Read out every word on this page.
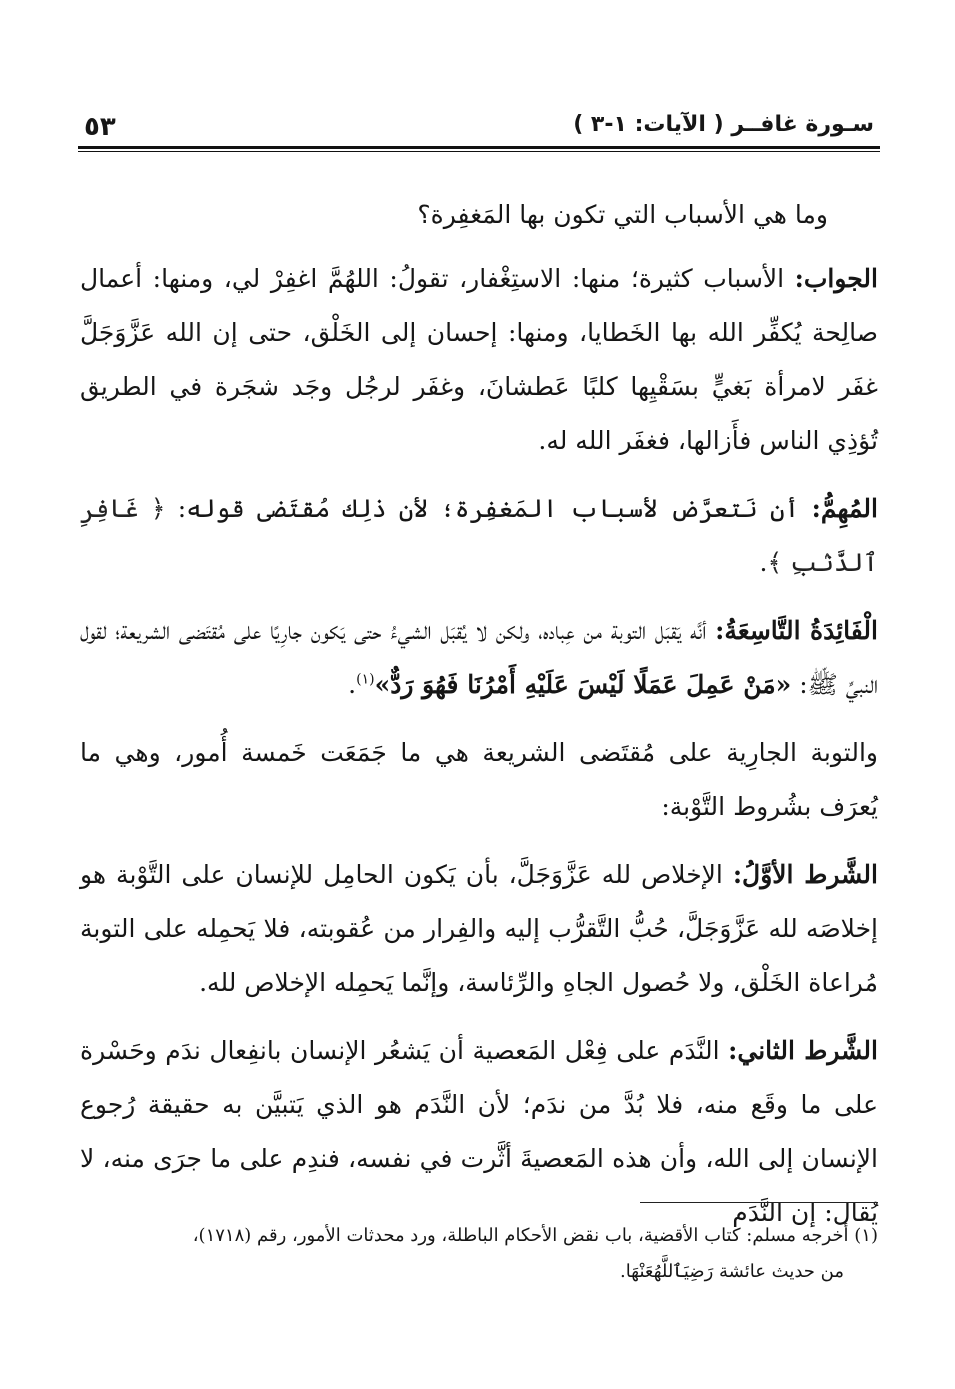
٥٣	سـورة غافــر ( الآيات: ١-٣ )

وما هي الأسباب التي تكون بها المَغفِرة؟

الجواب: الأسباب كثيرة؛ منها: الاستِغْفار، تقولُ: اللهُمَّ اغفِرْ لي، ومنها: أعمال صالِحة يُكفِّر الله بها الخَطايا، ومنها: إحسان إلى الخَلْق، حتى إن الله عَزَّوَجَلَّ غفَر لامرأة بَغيٍّ بسَقْيِها كلبًا عَطشانَ، وغفَر لرجُل وجَد شجَرة في الطريق تُؤذِي الناس فأَزالها، فغفَر الله له.

المُهِمُّ: أن نَتعرَّض لأسباب المَغفِرة؛ لأن ذلِك مُقتَضى قوله: ﴿ غَافِرِ ٱلذَّنۢبِ ﴾.

الْفَائِدَةُ التَّاسِعَةُ: أنَّه يَقبَل التوبة من عِباده، ولكن لا يُقبَل الشيءُ حتى يَكون جارِيًا على مُقتَضى الشريعة؛ لقول النبيِّ ﷺ: «مَنْ عَمِلَ عَمَلًا لَيْسَ عَلَيْهِ أَمْرُنَا فَهُوَ رَدٌّ»$^{(١)}$.

والتوبة الجارِية على مُقتَضى الشريعة هي ما جَمَعَت خَمسة أُمور، وهي ما يُعرَف بشُروط التَّوْبة:

الشَّرط الأوَّلُ: الإخلاص لله عَزَّوَجَلَّ، بأن يَكون الحامِل للإنسان على التَّوْبة هو إخلاصَه لله عَزَّوَجَلَّ، حُبُّ التَّقرُّب إليه والفِرار من عُقوبته، فلا يَحمِله على التوبة مُراعاة الخَلْق، ولا حُصول الجاهِ والرِّئاسة، وإنَّما يَحمِله الإخلاص لله.

الشَّرط الثاني: النَّدَم على فِعْل المَعصية أن يَشعُر الإنسان بانفِعال ندَم وحَسْرة على ما وقَع منه، فلا بُدَّ من ندَم؛ لأن النَّدَم هو الذي يَتبيَّن به حقيقة رُجوع الإنسان إلى الله، وأن هذه المَعصيةَ أثَّرت في نفسه، فندِم على ما جرَى منه، لا يُقال: إن النَّدَم

(١) أخرجه مسلم: كتاب الأقضية، باب نقض الأحكام الباطلة، ورد محدثات الأمور، رقم (١٧١٨)،

من حديث عائشة رَضِيَٱللَّهُعَنْهَا.
